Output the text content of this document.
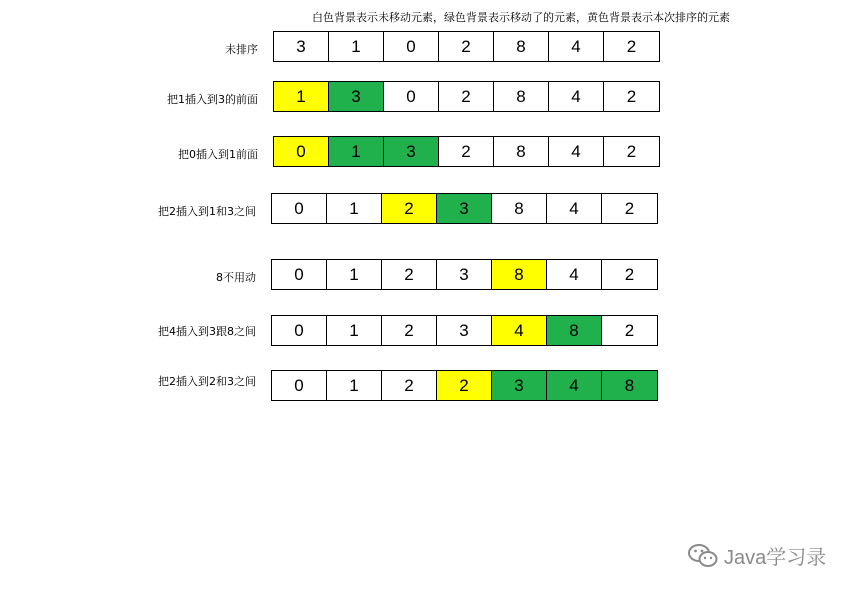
白色背景表示未移动元素，绿色背景表示移动了的元素，黄色背景表示本次排序的元素
未排序	3	1	0	2	8	4	2
把1插入到3的前面	1	3	0	2	8	4	2
把0插入到1前面	0	1	3	2	8	4	2
把2插入到1和3之间	0	1	2	3	8	4	2
8不用动	0	1	2	3	8	4	2
把4插入到3跟8之间	0	1	2	3	4	8	2
把2插入到2和3之间	0	1	2	2	3	4	8
Java学习录
